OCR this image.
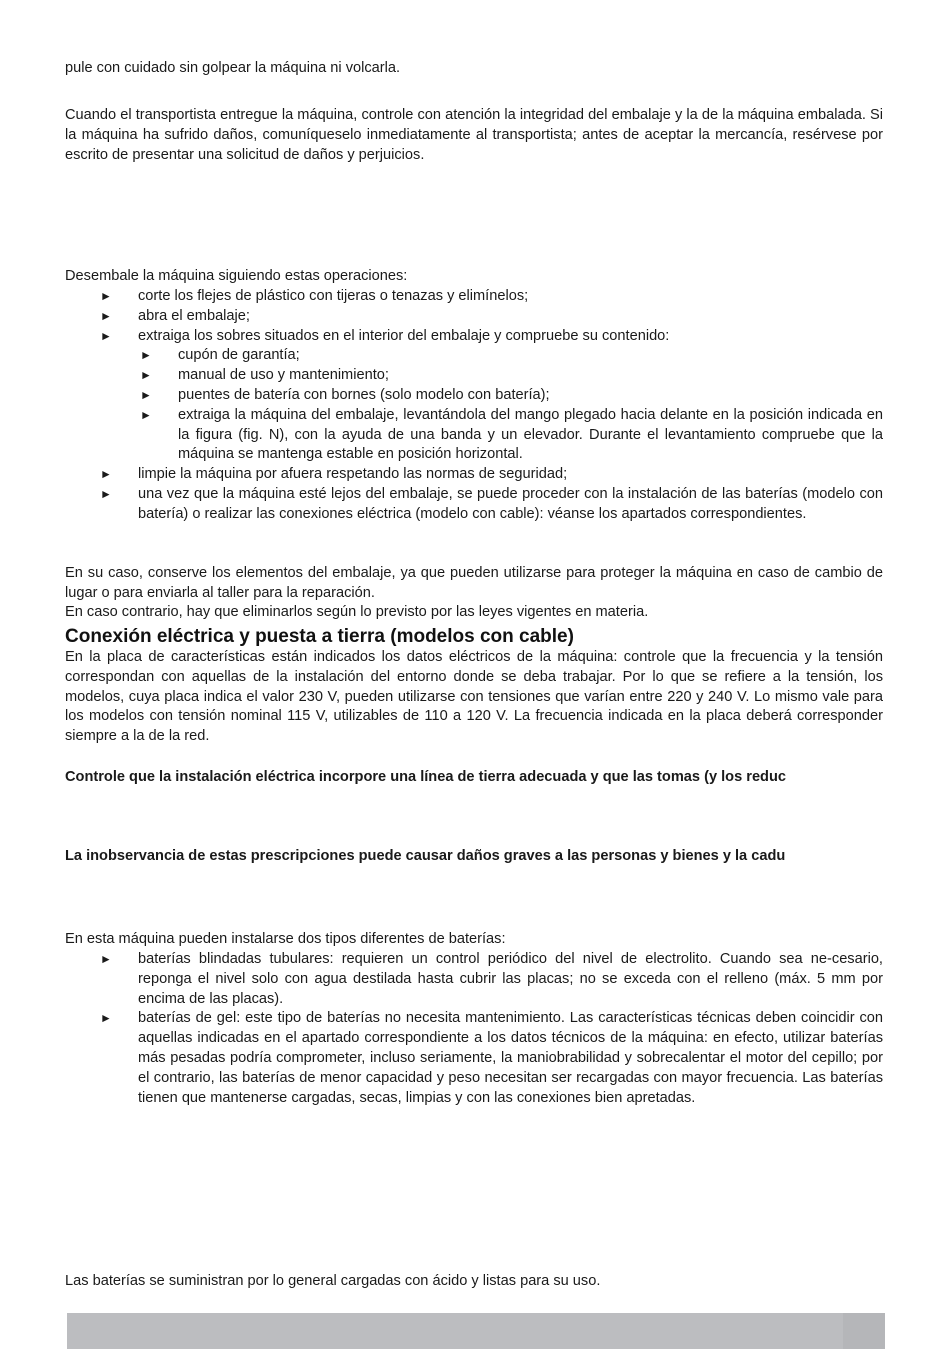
pule con cuidado sin golpear la máquina ni volcarla.

Cuando el transportista entregue la máquina, controle con atención la integridad del embalaje y la de la máquina embalada. Si la máquina ha sufrido daños, comuníqueselo inmediatamente al transportista; antes de aceptar la mercancía, resérvese por escrito de presentar una solicitud de daños y perjuicios.

Desembale la máquina siguiendo estas operaciones:

► corte los flejes de plástico con tijeras o tenazas y elimínelos;
► abra el embalaje;
► extraiga los sobres situados en el interior del embalaje y compruebe su contenido:
► cupón de garantía;
► manual de uso y mantenimiento;
► puentes de batería con bornes (solo modelo con batería);
► extraiga la máquina del embalaje, levantándola del mango plegado hacia delante en la posición indicada en la figura (fig. N), con la ayuda de una banda y un elevador. Durante el levantamiento compruebe que la máquina se mantenga estable en posición horizontal.
► limpie la máquina por afuera respetando las normas de seguridad;
► una vez que la máquina esté lejos del embalaje, se puede proceder con la instalación de las baterías (modelo con batería) o realizar las conexiones eléctrica (modelo con cable): véanse los apartados correspondientes.

En su caso, conserve los elementos del embalaje, ya que pueden utilizarse para proteger la máquina en caso de cambio de lugar o para enviarla al taller para la reparación.

En caso contrario, hay que eliminarlos según lo previsto por las leyes vigentes en materia.

Conexión eléctrica y puesta a tierra (modelos con cable)

En la placa de características están indicados los datos eléctricos de la máquina: controle que la frecuencia y la tensión correspondan con aquellas de la instalación del entorno donde se deba trabajar. Por lo que se refiere a la tensión, los modelos, cuya placa indica el valor 230 V, pueden utilizarse con tensiones que varían entre 220 y 240 V. Lo mismo vale para los modelos con tensión nominal 115 V, utilizables de 110 a 120 V. La frecuencia indicada en la placa deberá corresponder siempre a la de la red.

Controle que la instalación eléctrica incorpore una línea de tierra adecuada y que las tomas (y los reduc

La inobservancia de estas prescripciones puede causar daños graves a las personas y bienes y la cadu

En esta máquina pueden instalarse dos tipos diferentes de baterías:

► baterías blindadas tubulares: requieren un control periódico del nivel de electrolito. Cuando sea ne-cesario, reponga el nivel solo con agua destilada hasta cubrir las placas; no se exceda con el relleno (máx. 5 mm por encima de las placas).
► baterías de gel: este tipo de baterías no necesita mantenimiento. Las características técnicas deben coincidir con aquellas indicadas en el apartado correspondiente a los datos técnicos de la máquina: en efecto, utilizar baterías más pesadas podría comprometer, incluso seriamente, la maniobrabilidad y sobrecalentar el motor del cepillo; por el contrario, las baterías de menor capacidad y peso necesitan ser recargadas con mayor frecuencia. Las baterías tienen que mantenerse cargadas, secas, limpias y con las conexiones bien apretadas.

Las baterías se suministran por lo general cargadas con ácido y listas para su uso.
